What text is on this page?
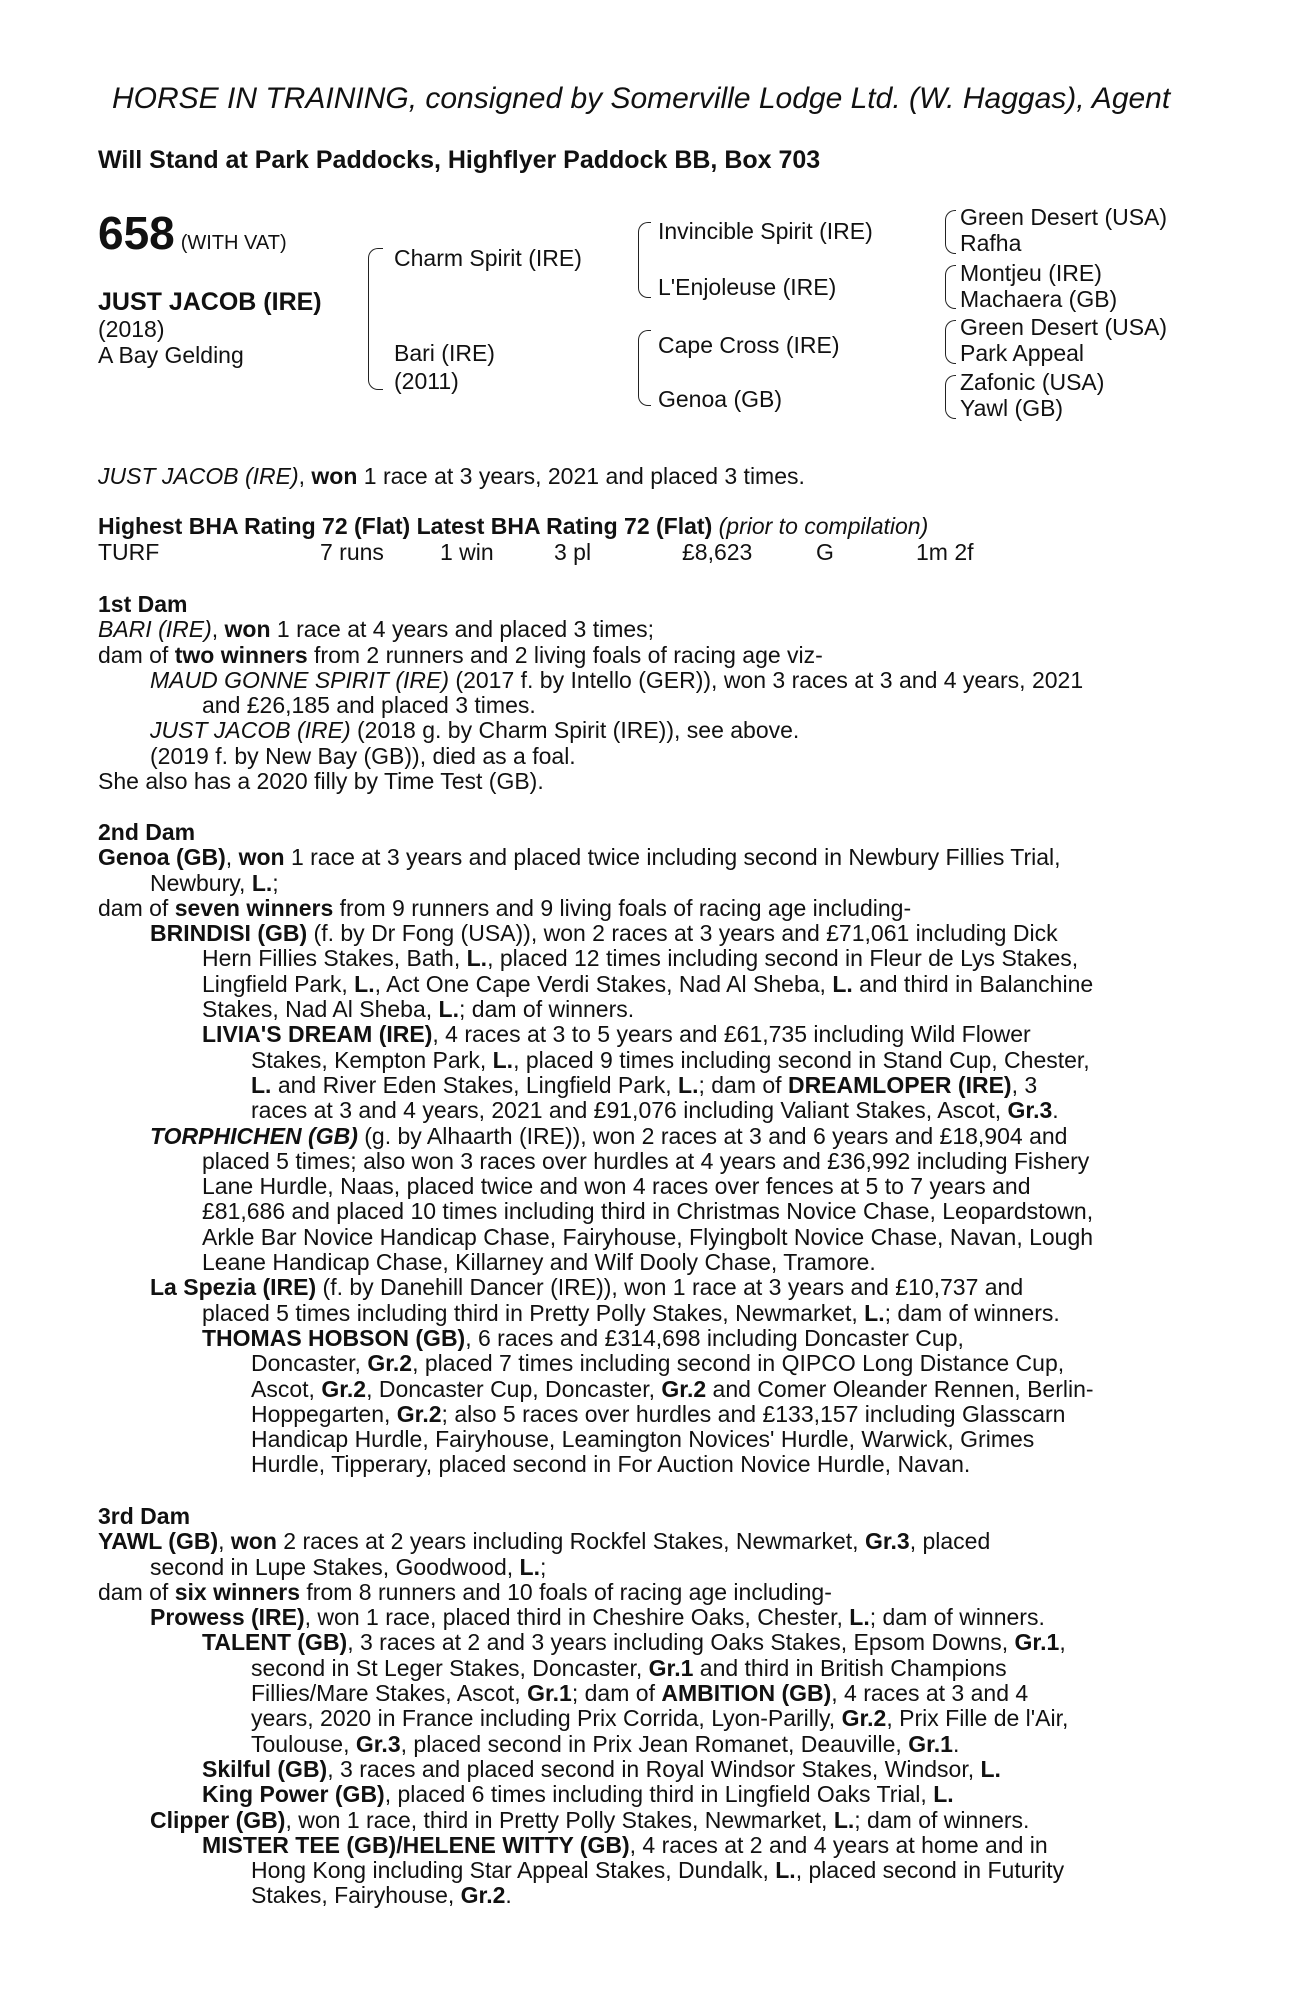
HORSE IN TRAINING, consigned by Somerville Lodge Ltd. (W. Haggas), Agent
Will Stand at Park Paddocks, Highflyer Paddock BB, Box 703
658 (WITH VAT)
JUST JACOB (IRE)
(2018)
A Bay Gelding
Charm Spirit (IRE)
Bari (IRE)
(2011)
Invincible Spirit (IRE)
L'Enjoleuse (IRE)
Cape Cross (IRE)
Genoa (GB)
Green Desert (USA)
Rafha
Montjeu (IRE)
Machaera (GB)
Green Desert (USA)
Park Appeal
Zafonic (USA)
Yawl (GB)
JUST JACOB (IRE), won 1 race at 3 years, 2021 and placed 3 times.
Highest BHA Rating 72 (Flat) Latest BHA Rating 72 (Flat) (prior to compilation)
TURF	7 runs 1 win	3 pl	£8,623	G	1m 2f
1st Dam
BARI (IRE), won 1 race at 4 years and placed 3 times;
dam of two winners from 2 runners and 2 living foals of racing age viz-
MAUD GONNE SPIRIT (IRE) (2017 f. by Intello (GER)), won 3 races at 3 and 4 years, 2021
and £26,185 and placed 3 times.
JUST JACOB (IRE) (2018 g. by Charm Spirit (IRE)), see above.
(2019 f. by New Bay (GB)), died as a foal.
She also has a 2020 filly by Time Test (GB).
2nd Dam
Genoa (GB), won 1 race at 3 years and placed twice including second in Newbury Fillies Trial,
Newbury, L.;
dam of seven winners from 9 runners and 9 living foals of racing age including-
BRINDISI (GB) (f. by Dr Fong (USA)), won 2 races at 3 years and £71,061 including Dick
Hern Fillies Stakes, Bath, L., placed 12 times including second in Fleur de Lys Stakes,
Lingfield Park, L., Act One Cape Verdi Stakes, Nad Al Sheba, L. and third in Balanchine
Stakes, Nad Al Sheba, L.; dam of winners.
LIVIA'S DREAM (IRE), 4 races at 3 to 5 years and £61,735 including Wild Flower
Stakes, Kempton Park, L., placed 9 times including second in Stand Cup, Chester,
L. and River Eden Stakes, Lingfield Park, L.; dam of DREAMLOPER (IRE), 3
races at 3 and 4 years, 2021 and £91,076 including Valiant Stakes, Ascot, Gr.3.
TORPHICHEN (GB) (g. by Alhaarth (IRE)), won 2 races at 3 and 6 years and £18,904 and
placed 5 times; also won 3 races over hurdles at 4 years and £36,992 including Fishery
Lane Hurdle, Naas, placed twice and won 4 races over fences at 5 to 7 years and
£81,686 and placed 10 times including third in Christmas Novice Chase, Leopardstown,
Arkle Bar Novice Handicap Chase, Fairyhouse, Flyingbolt Novice Chase, Navan, Lough
Leane Handicap Chase, Killarney and Wilf Dooly Chase, Tramore.
La Spezia (IRE) (f. by Danehill Dancer (IRE)), won 1 race at 3 years and £10,737 and
placed 5 times including third in Pretty Polly Stakes, Newmarket, L.; dam of winners.
THOMAS HOBSON (GB), 6 races and £314,698 including Doncaster Cup,
Doncaster, Gr.2, placed 7 times including second in QIPCO Long Distance Cup,
Ascot, Gr.2, Doncaster Cup, Doncaster, Gr.2 and Comer Oleander Rennen, Berlin-
Hoppegarten, Gr.2; also 5 races over hurdles and £133,157 including Glasscarn
Handicap Hurdle, Fairyhouse, Leamington Novices' Hurdle, Warwick, Grimes
Hurdle, Tipperary, placed second in For Auction Novice Hurdle, Navan.
3rd Dam
YAWL (GB), won 2 races at 2 years including Rockfel Stakes, Newmarket, Gr.3, placed
second in Lupe Stakes, Goodwood, L.;
dam of six winners from 8 runners and 10 foals of racing age including-
Prowess (IRE), won 1 race, placed third in Cheshire Oaks, Chester, L.; dam of winners.
TALENT (GB), 3 races at 2 and 3 years including Oaks Stakes, Epsom Downs, Gr.1,
second in St Leger Stakes, Doncaster, Gr.1 and third in British Champions
Fillies/Mare Stakes, Ascot, Gr.1; dam of AMBITION (GB), 4 races at 3 and 4
years, 2020 in France including Prix Corrida, Lyon-Parilly, Gr.2, Prix Fille de l'Air,
Toulouse, Gr.3, placed second in Prix Jean Romanet, Deauville, Gr.1.
Skilful (GB), 3 races and placed second in Royal Windsor Stakes, Windsor, L.
King Power (GB), placed 6 times including third in Lingfield Oaks Trial, L.
Clipper (GB), won 1 race, third in Pretty Polly Stakes, Newmarket, L.; dam of winners.
MISTER TEE (GB)/HELENE WITTY (GB), 4 races at 2 and 4 years at home and in
Hong Kong including Star Appeal Stakes, Dundalk, L., placed second in Futurity
Stakes, Fairyhouse, Gr.2.
